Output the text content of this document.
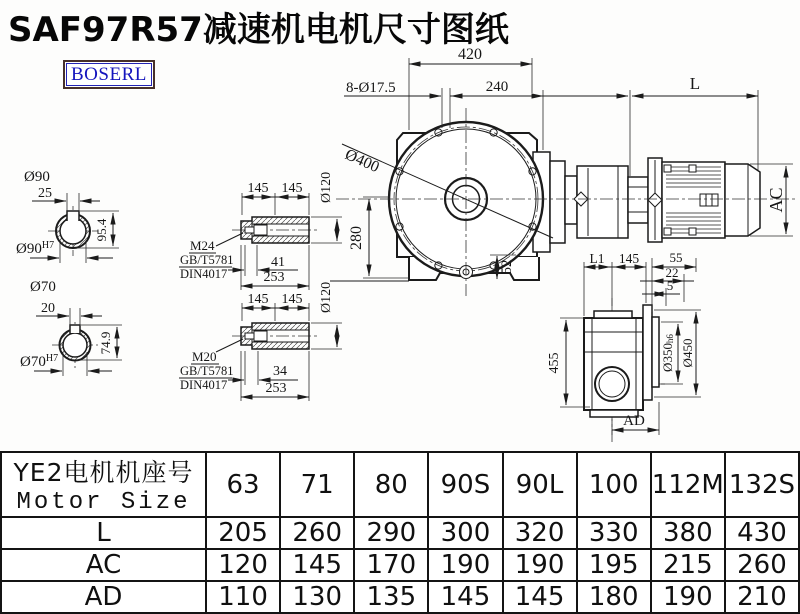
SAF97R57减速机电机尺寸图纸
BOSERL
420
8-Ø17.5	240	L
Ø400
280
52
AC
Ø90
25
95.4
$Ø90^{H7}$
Ø70
20
74.9
$Ø70^{H7}$
145 145 Ø120
M24
GB/T5781
DIN4017
41
253
145 145 Ø120
M20
GB/T5781
DIN4017
34
253
L1 145 55
22
5
455	Ø350h6 Ø450
AD
YE2电机机座号
Motor Size	63	71	80	90S	90L	100	112M	132S
L	205	260	290	300	320	330	380	430
AC	120	145	170	190	190	195	215	260
AD	110	130	135	145	145	180	190	210
